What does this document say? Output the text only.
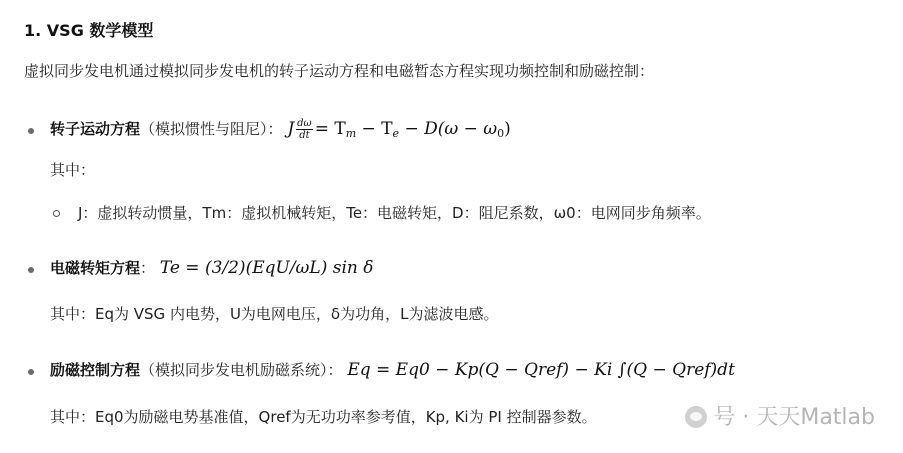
1. VSG 数学模型
虚拟同步发电机通过模拟同步发电机的转子运动方程和电磁暂态方程实现功频控制和励磁控制：
转子运动方程（模拟惯性与阻尼）： J $\frac{d\omega}{dt} = T_m - T_e - D(\omega - \omega_0)$
其中：
J：虚拟转动惯量，Tm：虚拟机械转矩，Te：电磁转矩，D：阻尼系数，ω0：电网同步角频率。
电磁转矩方程： Te = (3/2)(EqU/ωL) sin δ
其中：Eq为 VSG 内电势，U为电网电压，δ为功角，L为滤波电感。
励磁控制方程（模拟同步发电机励磁系统）： Eq = Eq0 − Kp(Q − Qref) − Ki ∫(Q − Qref)dt
其中：Eq0为励磁电势基准值，Qref为无功功率参考值，Kp, Ki为 PI 控制器参数。	号 · 天天Matlab
